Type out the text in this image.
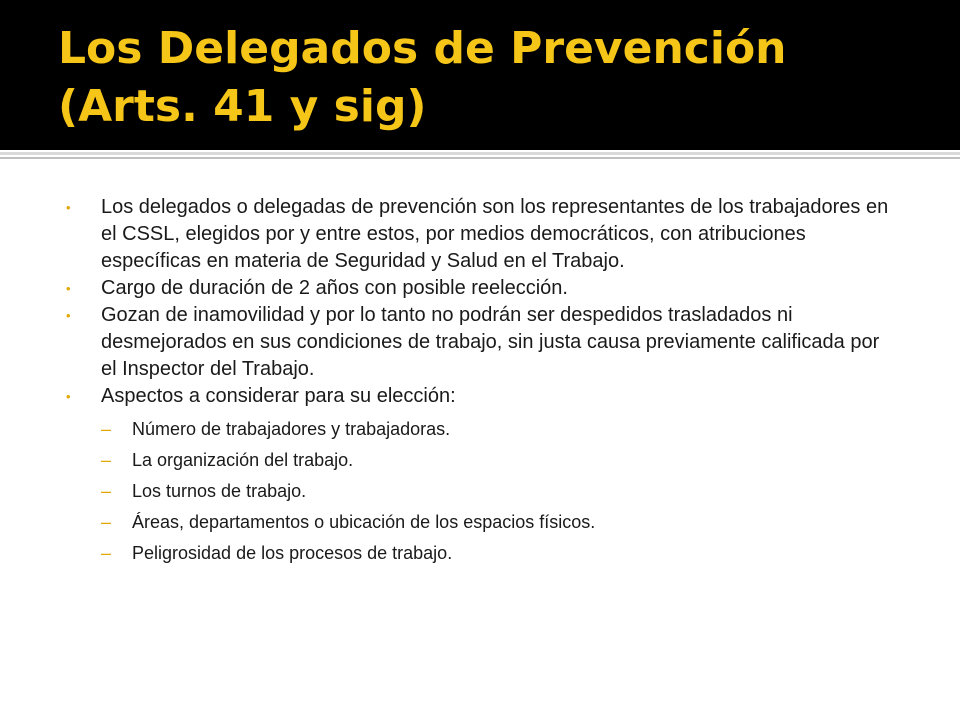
Los Delegados de Prevención
(Arts. 41 y sig)
• Los delegados o delegadas de prevención son los representantes de los trabajadores en el CSSL, elegidos por y entre estos, por medios democráticos, con atribuciones específicas en materia de Seguridad y Salud en el Trabajo.
• Cargo de duración de 2 años con posible reelección.
• Gozan de inamovilidad y por lo tanto no podrán ser despedidos trasladados ni desmejorados en sus condiciones de trabajo, sin justa causa previamente calificada por el Inspector del Trabajo.
• Aspectos a considerar para su elección:
– Número de trabajadores y trabajadoras.
– La organización del trabajo.
– Los turnos de trabajo.
– Áreas, departamentos o ubicación de los espacios físicos.
– Peligrosidad de los procesos de trabajo.
